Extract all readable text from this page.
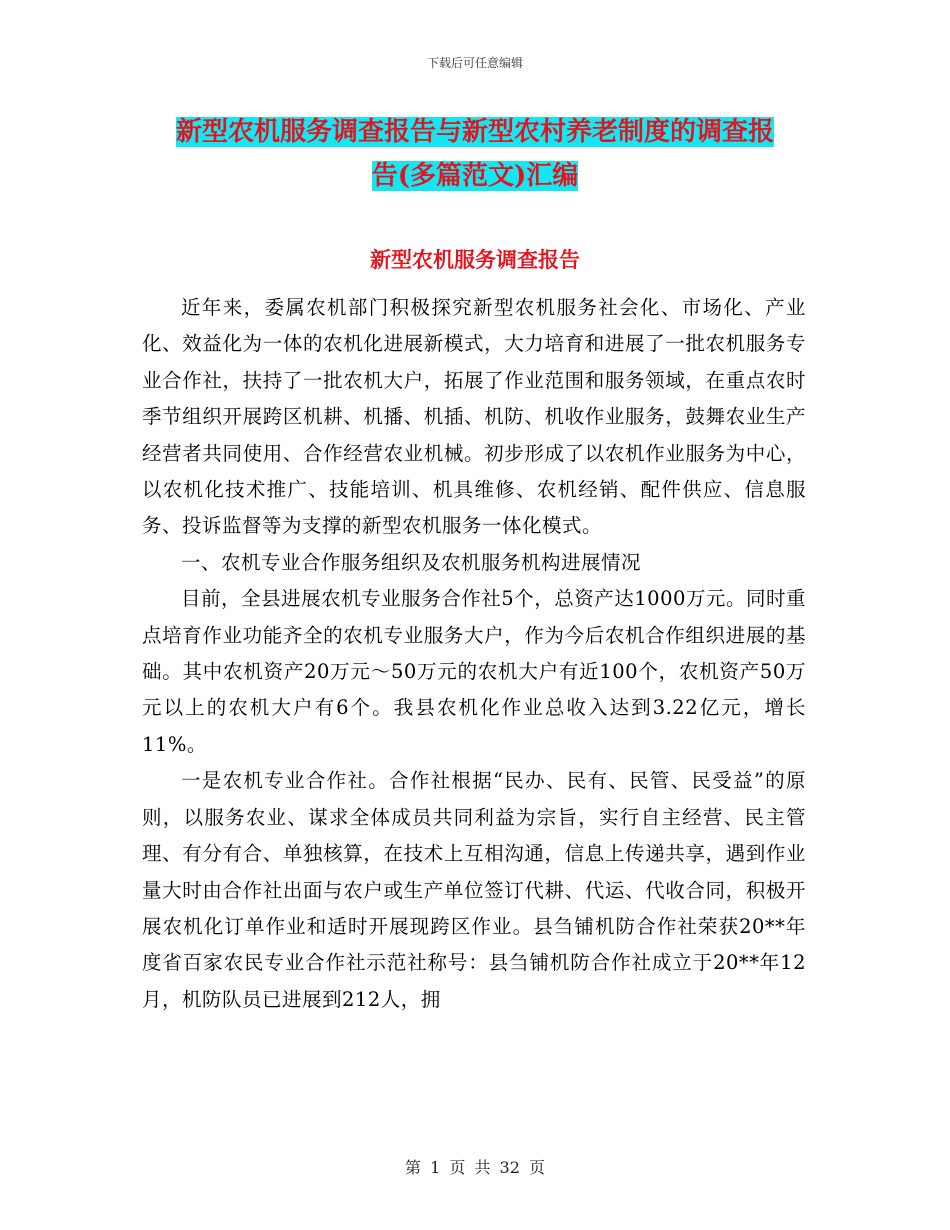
下载后可任意编辑
新型农机服务调查报告与新型农村养老制度的调查报
告(多篇范文)汇编
新型农机服务调查报告

近年来，委属农机部门积极探究新型农机服务社会化、市场化、产业化、效益化为一体的农机化进展新模式，大力培育和进展了一批农机服务专业合作社，扶持了一批农机大户，拓展了作业范围和服务领域，在重点农时季节组织开展跨区机耕、机播、机插、机防、机收作业服务，鼓舞农业生产经营者共同使用、合作经营农业机械。初步形成了以农机作业服务为中心，以农机化技术推广、技能培训、机具维修、农机经销、配件供应、信息服务、投诉监督等为支撑的新型农机服务一体化模式。

一、农机专业合作服务组织及农机服务机构进展情况

目前，全县进展农机专业服务合作社5个，总资产达1000万元。同时重点培育作业功能齐全的农机专业服务大户，作为今后农机合作组织进展的基础。其中农机资产20万元～50万元的农机大户有近100个，农机资产50万元以上的农机大户有6个。我县农机化作业总收入达到3.22亿元，增长11%。

一是农机专业合作社。合作社根据“民办、民有、民管、民受益”的原则，以服务农业、谋求全体成员共同利益为宗旨，实行自主经营、民主管理、有分有合、单独核算，在技术上互相沟通，信息上传递共享，遇到作业量大时由合作社出面与农户或生产单位签订代耕、代运、代收合同，积极开展农机化订单作业和适时开展现跨区作业。县刍铺机防合作社荣获20**年度省百家农民专业合作社示范社称号：县刍铺机防合作社成立于20**年12月，机防队员已进展到212人，拥

第 1 页 共 32 页
